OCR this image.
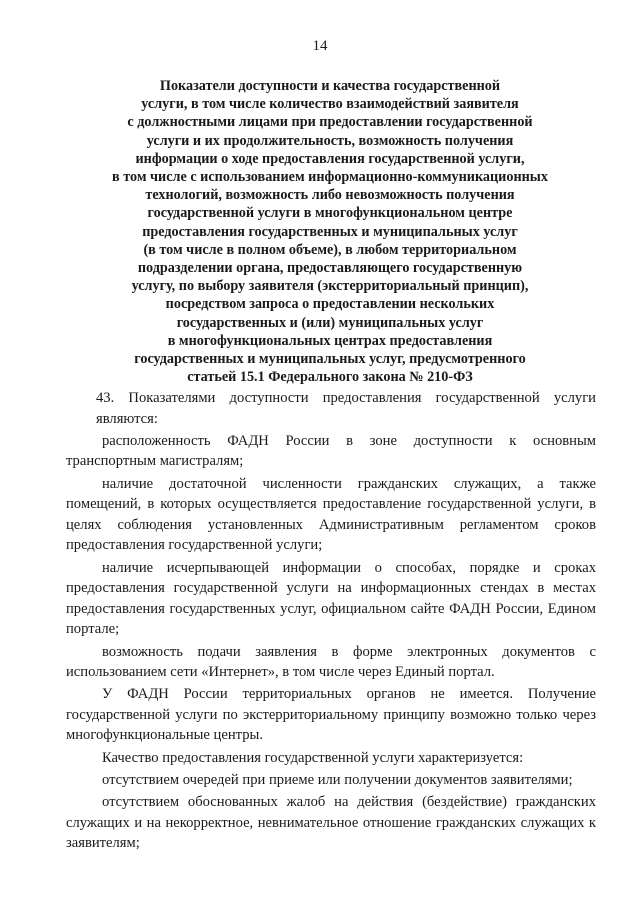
14
Показатели доступности и качества государственной
услуги, в том числе количество взаимодействий заявителя
с должностными лицами при предоставлении государственной
услуги и их продолжительность, возможность получения
информации о ходе предоставления государственной услуги,
в том числе с использованием информационно-коммуникационных
технологий, возможность либо невозможность получения
государственной услуги в многофункциональном центре
предоставления государственных и муниципальных услуг
(в том числе в полном объеме), в любом территориальном
подразделении органа, предоставляющего государственную
услугу, по выбору заявителя (экстерриториальный принцип),
посредством запроса о предоставлении нескольких
государственных и (или) муниципальных услуг
в многофункциональных центрах предоставления
государственных и муниципальных услуг, предусмотренного
статьей 15.1 Федерального закона № 210-ФЗ

43. Показателями доступности предоставления государственной услуги являются:

расположенность ФАДН России в зоне доступности к основным транспортным магистралям;

наличие достаточной численности гражданских служащих, а также помещений, в которых осуществляется предоставление государственной услуги, в целях соблюдения установленных Административным регламентом сроков предоставления государственной услуги;

наличие исчерпывающей информации о способах, порядке и сроках предоставления государственной услуги на информационных стендах в местах предоставления государственных услуг, официальном сайте ФАДН России, Едином портале;

возможность подачи заявления в форме электронных документов с использованием сети «Интернет», в том числе через Единый портал.

У ФАДН России территориальных органов не имеется. Получение государственной услуги по экстерриториальному принципу возможно только через многофункциональные центры.

Качество предоставления государственной услуги характеризуется:

отсутствием очередей при приеме или получении документов заявителями;

отсутствием обоснованных жалоб на действия (бездействие) гражданских служащих и на некорректное, невнимательное отношение гражданских служащих к заявителям;
